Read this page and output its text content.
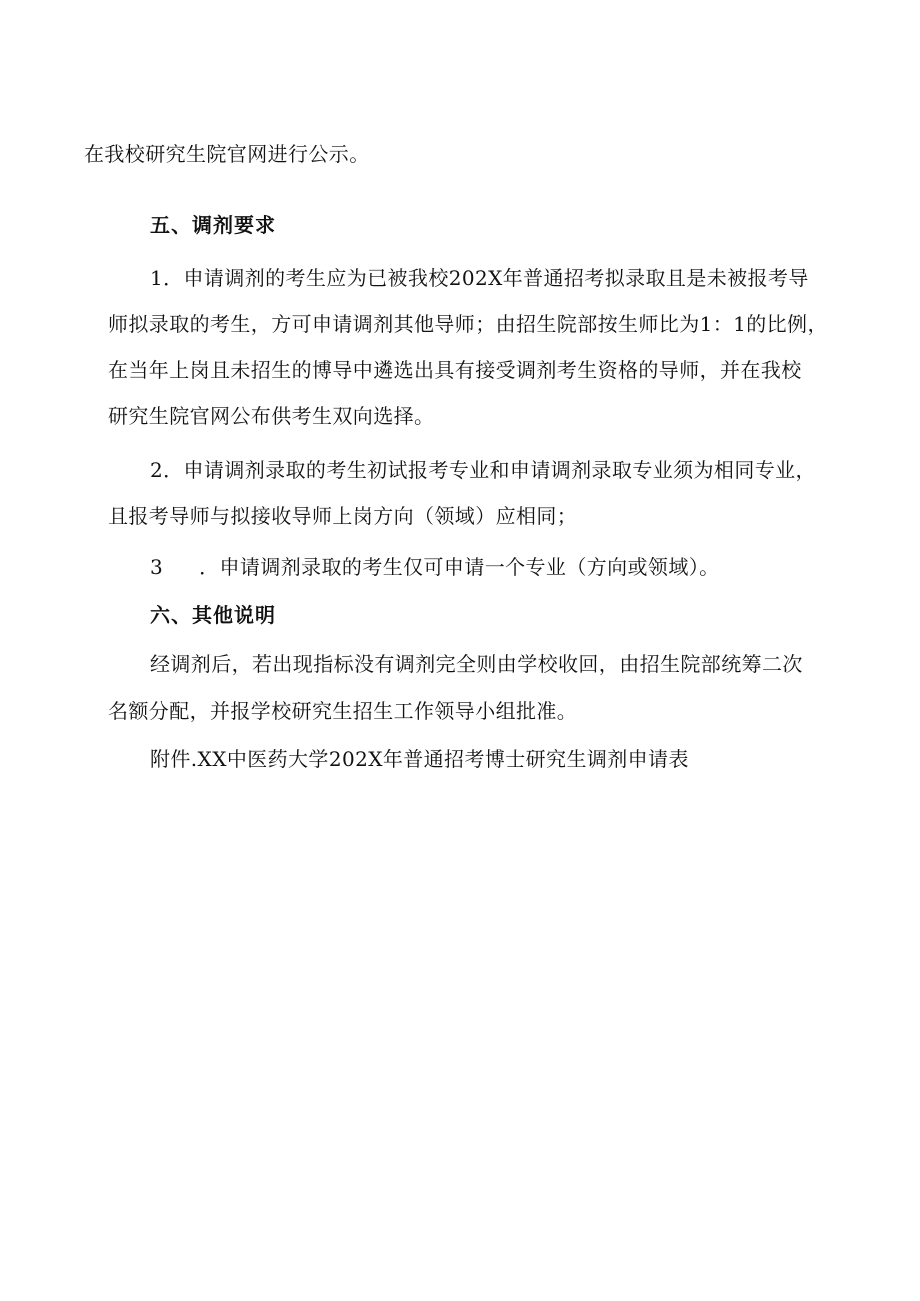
在我校研究生院官网进行公示。
五、调剂要求
1．申请调剂的考生应为已被我校202X年普通招考拟录取且是未被报考导
师拟录取的考生，方可申请调剂其他导师；由招生院部按生师比为1：1的比例，
在当年上岗且未招生的博导中遴选出具有接受调剂考生资格的导师，并在我校
研究生院官网公布供考生双向选择。
2．申请调剂录取的考生初试报考专业和申请调剂录取专业须为相同专业，
且报考导师与拟接收导师上岗方向（领域）应相同；
3 ．申请调剂录取的考生仅可申请一个专业（方向或领域）。
六、其他说明
经调剂后，若出现指标没有调剂完全则由学校收回，由招生院部统筹二次
名额分配，并报学校研究生招生工作领导小组批准。
附件.XX中医药大学202X年普通招考博士研究生调剂申请表
